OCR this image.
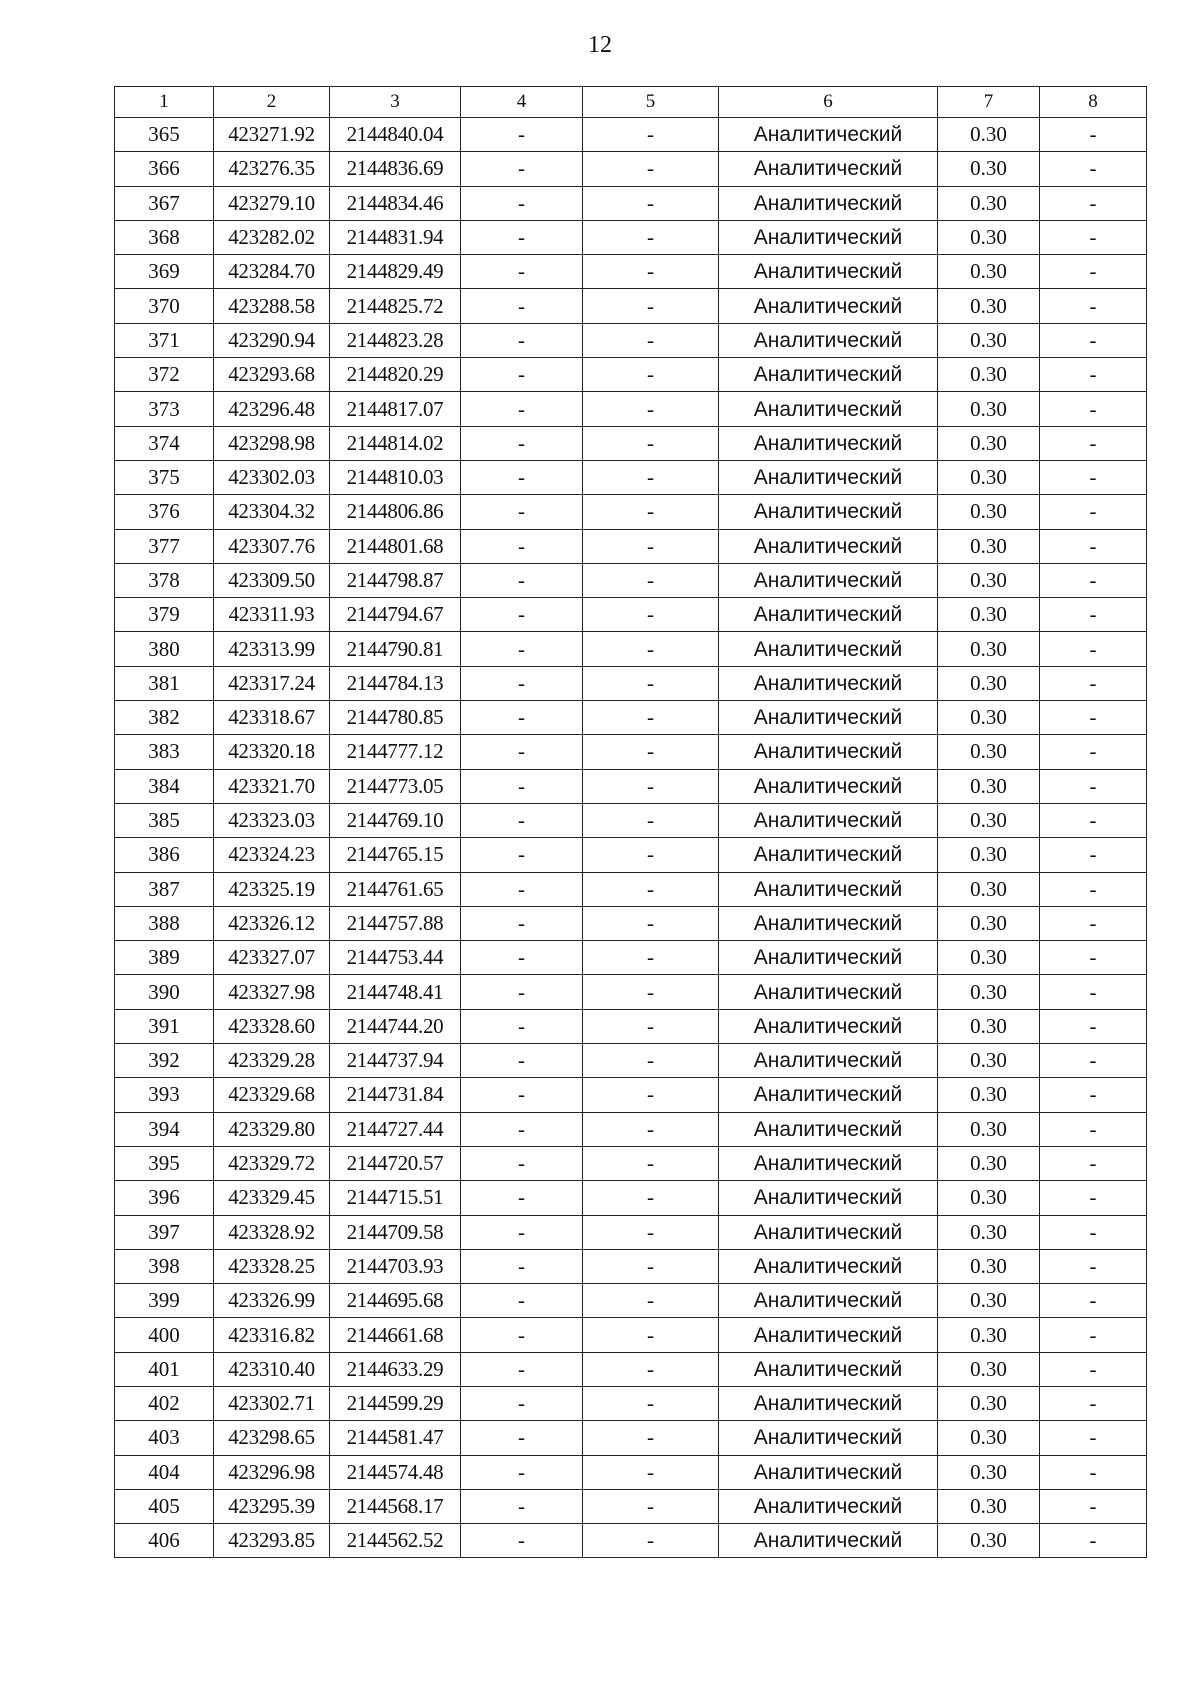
12
1	2	3	4	5	6	7	8
365	423271.92	2144840.04	-	-	Аналитический	0.30	-
366	423276.35	2144836.69	-	-	Аналитический	0.30	-
367	423279.10	2144834.46	-	-	Аналитический	0.30	-
368	423282.02	2144831.94	-	-	Аналитический	0.30	-
369	423284.70	2144829.49	-	-	Аналитический	0.30	-
370	423288.58	2144825.72	-	-	Аналитический	0.30	-
371	423290.94	2144823.28	-	-	Аналитический	0.30	-
372	423293.68	2144820.29	-	-	Аналитический	0.30	-
373	423296.48	2144817.07	-	-	Аналитический	0.30	-
374	423298.98	2144814.02	-	-	Аналитический	0.30	-
375	423302.03	2144810.03	-	-	Аналитический	0.30	-
376	423304.32	2144806.86	-	-	Аналитический	0.30	-
377	423307.76	2144801.68	-	-	Аналитический	0.30	-
378	423309.50	2144798.87	-	-	Аналитический	0.30	-
379	423311.93	2144794.67	-	-	Аналитический	0.30	-
380	423313.99	2144790.81	-	-	Аналитический	0.30	-
381	423317.24	2144784.13	-	-	Аналитический	0.30	-
382	423318.67	2144780.85	-	-	Аналитический	0.30	-
383	423320.18	2144777.12	-	-	Аналитический	0.30	-
384	423321.70	2144773.05	-	-	Аналитический	0.30	-
385	423323.03	2144769.10	-	-	Аналитический	0.30	-
386	423324.23	2144765.15	-	-	Аналитический	0.30	-
387	423325.19	2144761.65	-	-	Аналитический	0.30	-
388	423326.12	2144757.88	-	-	Аналитический	0.30	-
389	423327.07	2144753.44	-	-	Аналитический	0.30	-
390	423327.98	2144748.41	-	-	Аналитический	0.30	-
391	423328.60	2144744.20	-	-	Аналитический	0.30	-
392	423329.28	2144737.94	-	-	Аналитический	0.30	-
393	423329.68	2144731.84	-	-	Аналитический	0.30	-
394	423329.80	2144727.44	-	-	Аналитический	0.30	-
395	423329.72	2144720.57	-	-	Аналитический	0.30	-
396	423329.45	2144715.51	-	-	Аналитический	0.30	-
397	423328.92	2144709.58	-	-	Аналитический	0.30	-
398	423328.25	2144703.93	-	-	Аналитический	0.30	-
399	423326.99	2144695.68	-	-	Аналитический	0.30	-
400	423316.82	2144661.68	-	-	Аналитический	0.30	-
401	423310.40	2144633.29	-	-	Аналитический	0.30	-
402	423302.71	2144599.29	-	-	Аналитический	0.30	-
403	423298.65	2144581.47	-	-	Аналитический	0.30	-
404	423296.98	2144574.48	-	-	Аналитический	0.30	-
405	423295.39	2144568.17	-	-	Аналитический	0.30	-
406	423293.85	2144562.52	-	-	Аналитический	0.30	-
